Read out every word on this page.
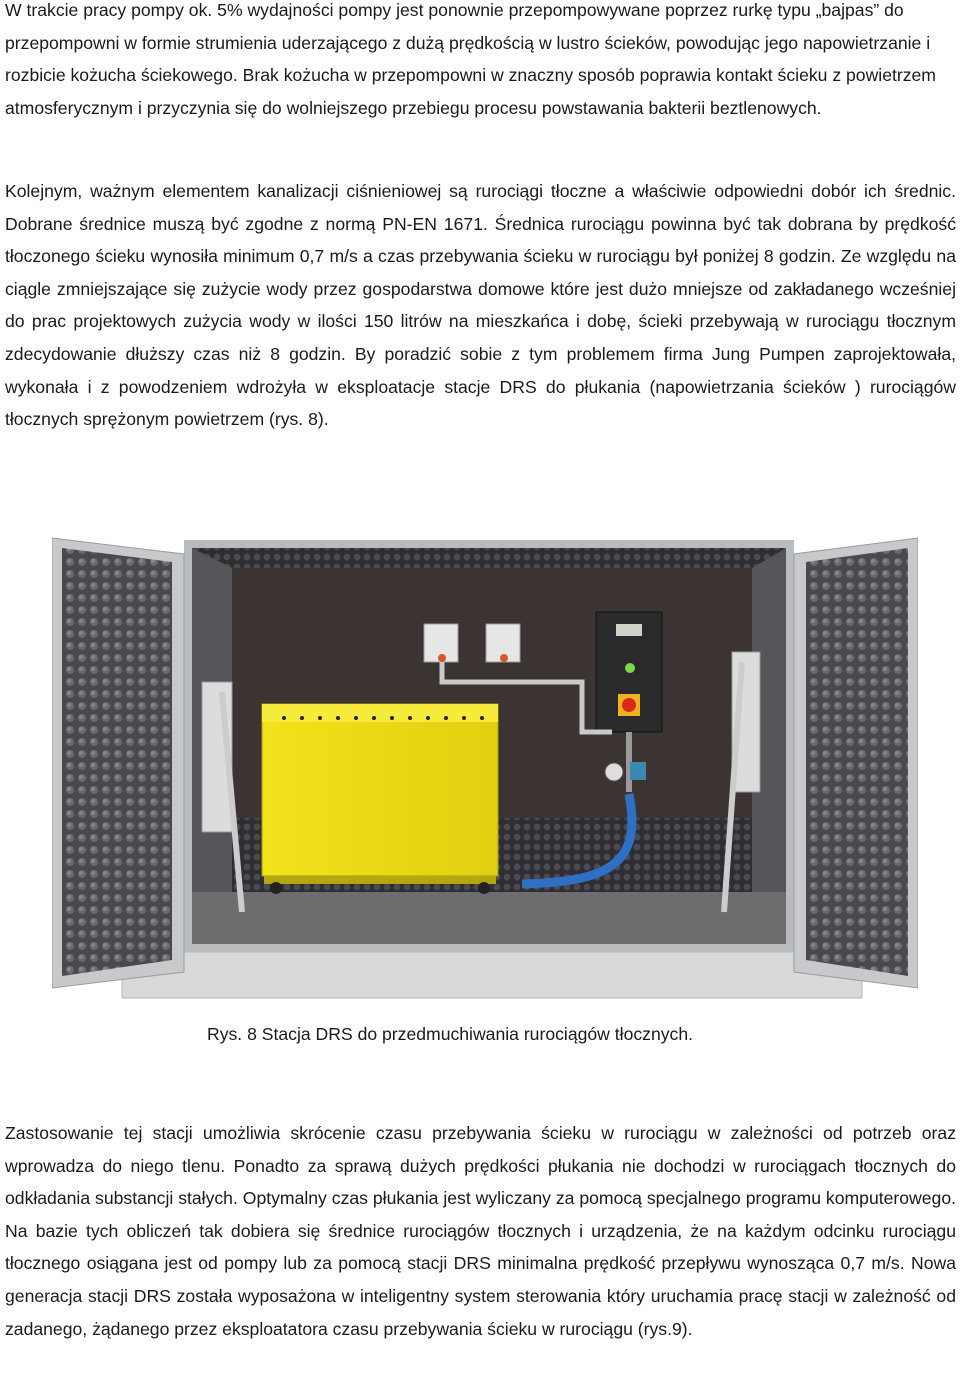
W trakcie pracy pompy ok. 5% wydajności pompy jest ponownie przepompowywane poprzez rurkę typu „bajpas” do przepompowni w formie strumienia uderzającego z dużą prędkością w lustro ścieków, powodując jego napowietrzanie i rozbicie kożucha ściekowego. Brak kożucha w przepompowni w znaczny sposób poprawia kontakt ścieku z powietrzem atmosferycznym i przyczynia się do wolniejszego przebiegu procesu powstawania bakterii beztlenowych.

Kolejnym, ważnym elementem kanalizacji ciśnieniowej są rurociągi tłoczne a właściwie odpowiedni dobór ich średnic. Dobrane średnice muszą być zgodne z normą PN-EN 1671. Średnica rurociągu powinna być tak dobrana by prędkość tłoczonego ścieku wynosiła minimum 0,7 m/s a czas przebywania ścieku w rurociągu był poniżej 8 godzin. Ze względu na ciągle zmniejszające się zużycie wody przez gospodarstwa domowe które jest dużo mniejsze od zakładanego wcześniej do prac projektowych zużycia wody w ilości 150 litrów na mieszkańca i dobę, ścieki przebywają w rurociągu tłocznym zdecydowanie dłuższy czas niż 8 godzin. By poradzić sobie z tym problemem firma Jung Pumpen zaprojektowała, wykonała i z powodzeniem wdrożyła w eksploatacje stacje DRS do płukania (napowietrzania ścieków ) rurociągów tłocznych sprężonym powietrzem (rys. 8).

Rys. 8 Stacja DRS do przedmuchiwania rurociągów tłocznych.

Zastosowanie tej stacji umożliwia skrócenie czasu przebywania ścieku w rurociągu w zależności od potrzeb oraz wprowadza do niego tlenu. Ponadto za sprawą dużych prędkości płukania nie dochodzi w rurociągach tłocznych do odkładania substancji stałych. Optymalny czas płukania jest wyliczany za pomocą specjalnego programu komputerowego. Na bazie tych obliczeń tak dobiera się średnice rurociągów tłocznych i urządzenia, że na każdym odcinku rurociągu tłocznego osiągana jest od pompy lub za pomocą stacji DRS minimalna prędkość przepływu wynosząca 0,7 m/s. Nowa generacja stacji DRS została wyposażona w inteligentny system sterowania który uruchamia pracę stacji w zależność od zadanego, żądanego przez eksploatatora czasu przebywania ścieku w rurociągu (rys.9).
